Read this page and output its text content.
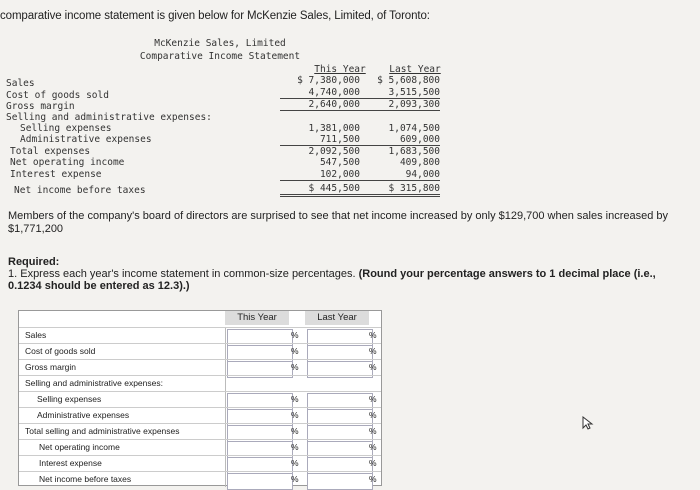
comparative income statement is given below for McKenzie Sales, Limited, of Toronto:
McKenzie Sales, Limited
Comparative Income Statement
This Year	Last Year
Sales	$ 7,380,000	$ 5,608,800
Cost of goods sold	4,740,000	3,515,500
Gross margin	2,640,000	2,093,300
Selling and administrative expenses:
Selling expenses	1,381,000	1,074,500
Administrative expenses	711,500	609,000
Total expenses	2,092,500	1,683,500
Net operating income	547,500	409,800
Interest expense	102,000	94,000
Net income before taxes	$ 445,500	$ 315,800
Members of the company's board of directors are surprised to see that net income increased by only $129,700 when sales increased by $1,771,200
Required:
1. Express each year's income statement in common-size percentages. (Round your percentage answers to 1 decimal place (i.e., 0.1234 should be entered as 12.3).)
This Year	Last Year
Sales	%	%
Cost of goods sold	%	%
Gross margin	%	%
Selling and administrative expenses:
Selling expenses	%	%
Administrative expenses	%	%
Total selling and administrative expenses	%	%
Net operating income	%	%
Interest expense	%	%
Net income before taxes	%	%
